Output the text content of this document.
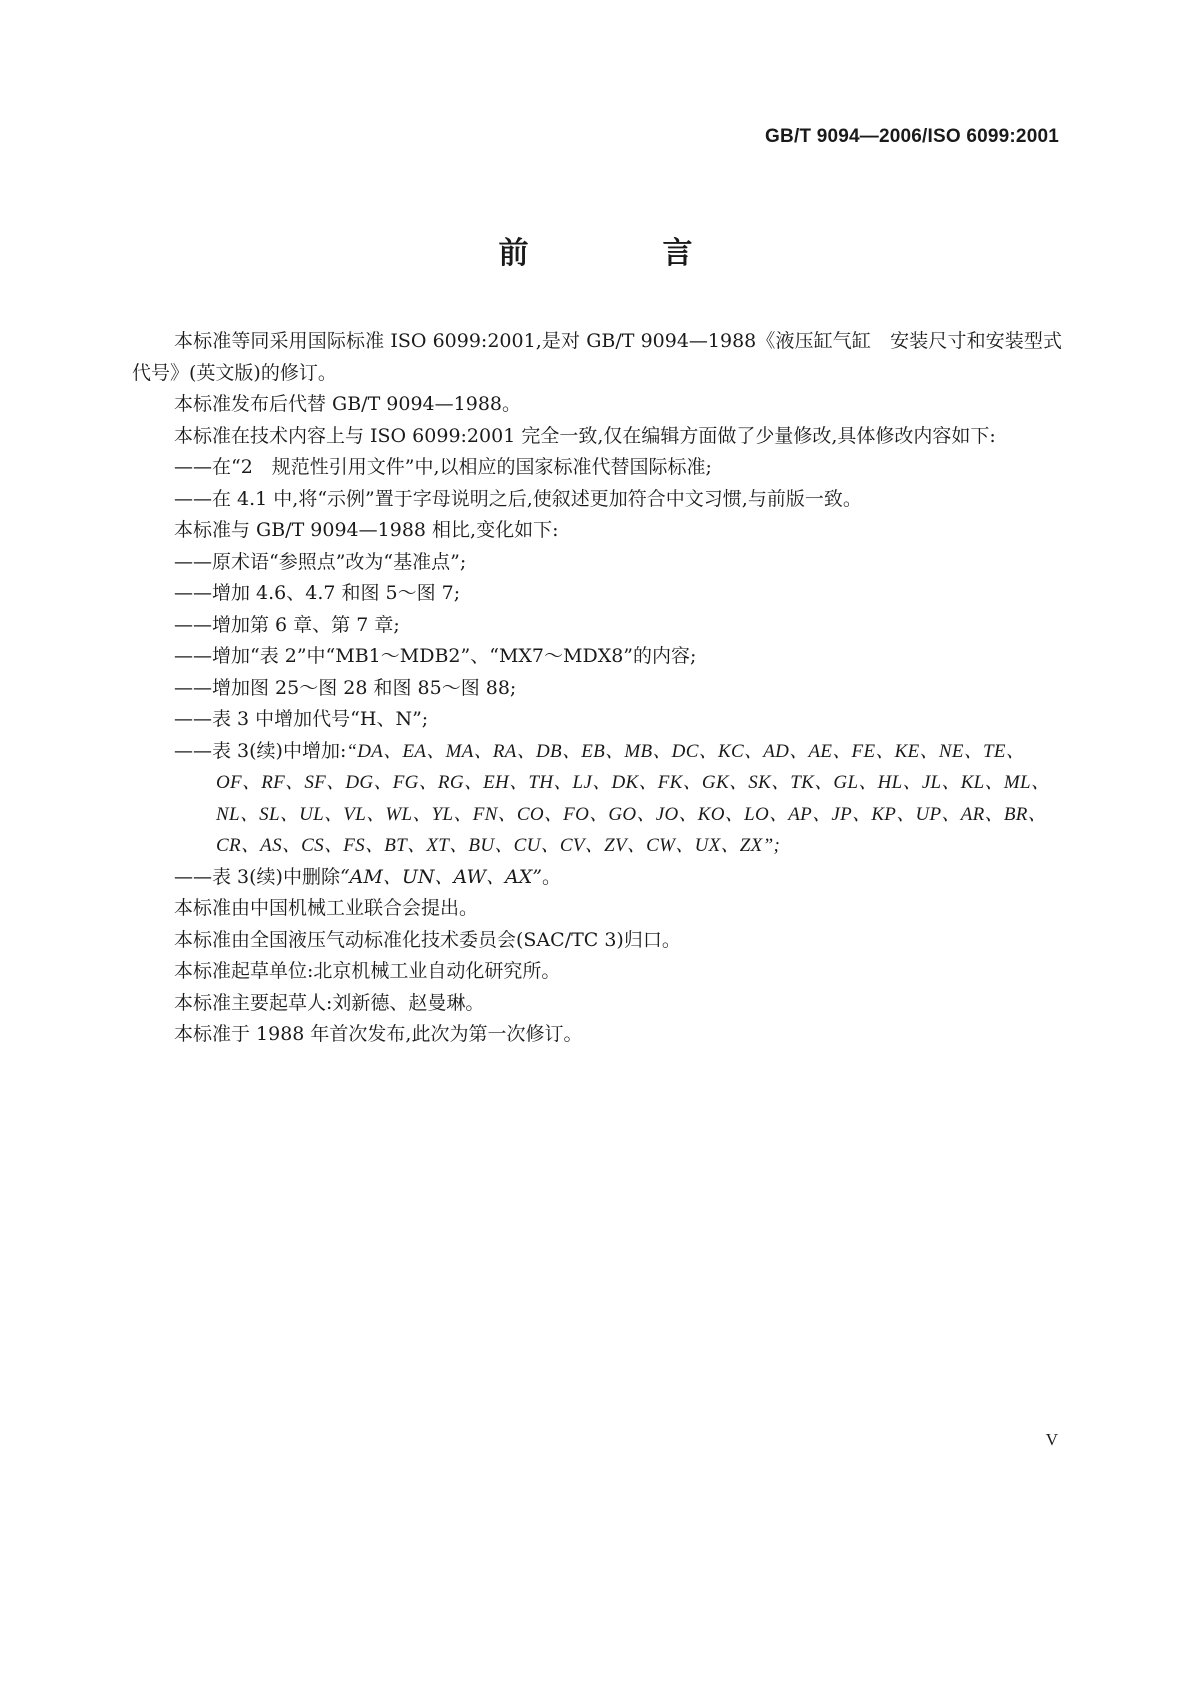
GB/T 9094—2006/ISO 6099:2001
前　言

本标准等同采用国际标准 ISO 6099:2001,是对 GB/T 9094—1988《液压缸气缸　安装尺寸和安装型式代号》(英文版)的修订。

本标准发布后代替 GB/T 9094—1988。

本标准在技术内容上与 ISO 6099:2001 完全一致,仅在编辑方面做了少量修改,具体修改内容如下:

——在“2　规范性引用文件”中,以相应的国家标准代替国际标准;

——在 4.1 中,将“示例”置于字母说明之后,使叙述更加符合中文习惯,与前版一致。

本标准与 GB/T 9094—1988 相比,变化如下:

——原术语“参照点”改为“基准点”;

——增加 4.6、4.7 和图 5～图 7;

——增加第 6 章、第 7 章;

——增加“表 2”中“MB1～MDB2”、“MX7～MDX8”的内容;

——增加图 25～图 28 和图 85～图 88;

——表 3 中增加代号“H、N”;

——表 3(续)中增加:“DA、EA、MA、RA、DB、EB、MB、DC、KC、AD、AE、FE、KE、NE、TE、OF、RF、SF、DG、FG、RG、EH、TH、LJ、DK、FK、GK、SK、TK、GL、HL、JL、KL、ML、NL、SL、UL、VL、WL、YL、FN、CO、FO、GO、JO、KO、LO、AP、JP、KP、UP、AR、BR、CR、AS、CS、FS、BT、XT、BU、CU、CV、ZV、CW、UX、ZX”;

——表 3(续)中删除“AM、UN、AW、AX”。

本标准由中国机械工业联合会提出。

本标准由全国液压气动标准化技术委员会(SAC/TC 3)归口。

本标准起草单位:北京机械工业自动化研究所。

本标准主要起草人:刘新德、赵曼琳。

本标准于 1988 年首次发布,此次为第一次修订。

V
